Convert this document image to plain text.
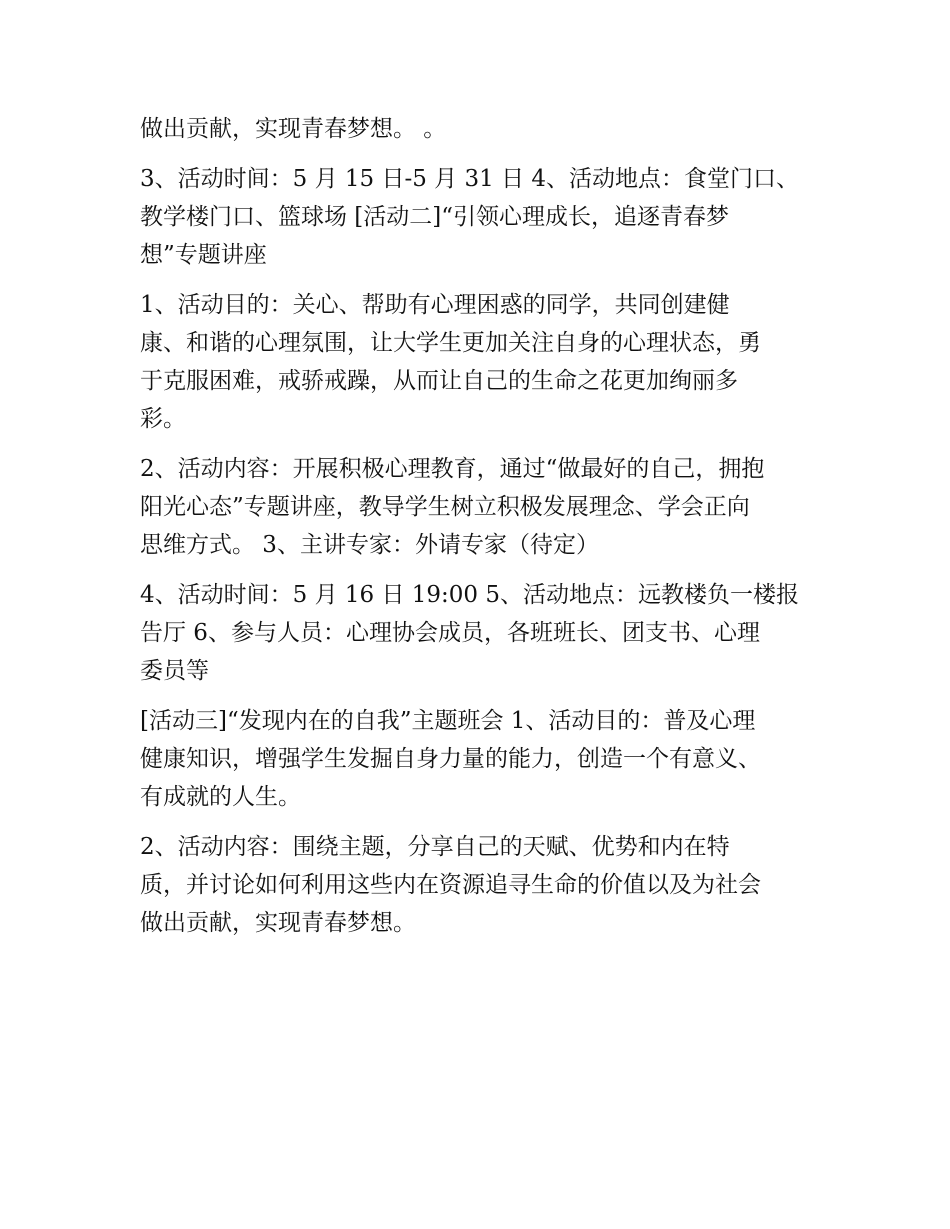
做出贡献，实现青春梦想。 。
3、活动时间：5 月 15 日-5 月 31 日 4、活动地点：食堂门口、
教学楼门口、篮球场 [活动二]“引领心理成长，追逐青春梦
想”专题讲座
1、活动目的：关心、帮助有心理困惑的同学，共同创建健
康、和谐的心理氛围，让大学生更加关注自身的心理状态，勇
于克服困难，戒骄戒躁，从而让自己的生命之花更加绚丽多
彩。
2、活动内容：开展积极心理教育，通过“做最好的自己，拥抱
阳光心态”专题讲座，教导学生树立积极发展理念、学会正向
思维方式。 3、主讲专家：外请专家（待定）
4、活动时间：5 月 16 日 19:00 5、活动地点：远教楼负一楼报
告厅 6、参与人员：心理协会成员，各班班长、团支书、心理
委员等
[活动三]“发现内在的自我”主题班会 1、活动目的：普及心理
健康知识，增强学生发掘自身力量的能力，创造一个有意义、
有成就的人生。
2、活动内容：围绕主题，分享自己的天赋、优势和内在特
质，并讨论如何利用这些内在资源追寻生命的价值以及为社会
做出贡献，实现青春梦想。
